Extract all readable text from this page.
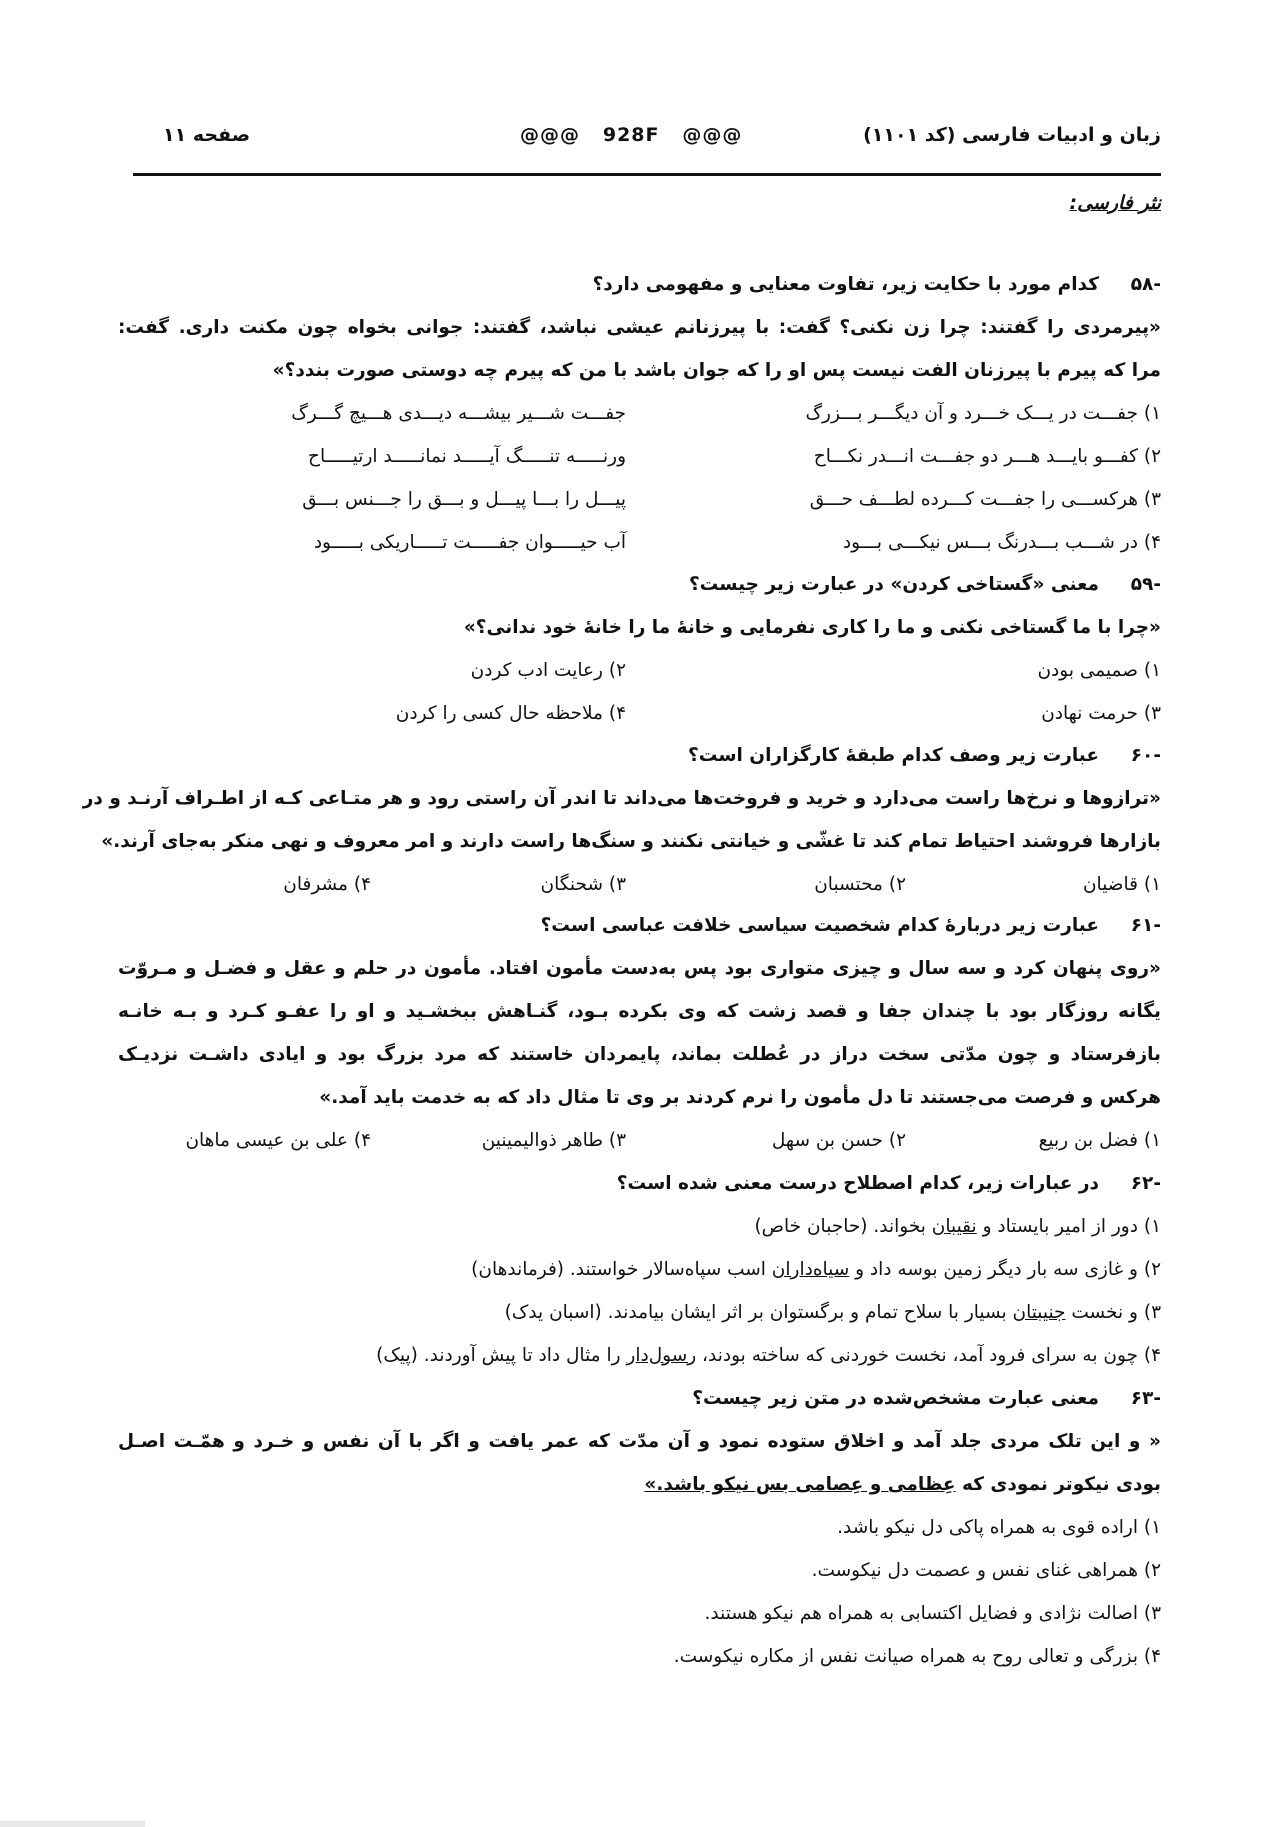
زبان و ادبیات فارسی (کد ۱۱۰۱)
@@@   928F   @@@
صفحه ۱۱
نثر فارسی:
-۵۸
کدام مورد با حکایت زیر، تفاوت معنایی و مفهومی دارد؟
«پیرمردی را گفتند: چرا زن نکنی؟ گفت: با پیرزنانم عیشی نباشد، گفتند: جوانی بخواه چون مکنت داری. گفت:
مرا که پیرم با پیرزنان الفت نیست پس او را که جوان باشد با من که پیرم چه دوستی صورت بندد؟»
۱) جفـــت در یـــک خـــرد و آن دیگـــر بـــزرگ
جفـــت شـــیر بیشـــه دیـــدی هـــیچ گـــرگ
۲) کفـــو بایـــد هـــر دو جفـــت انـــدر نکـــاح
ورنـــــه تنـــــگ آیـــــد نمانـــــد ارتیـــــاح
۳) هرکســـی را جفـــت کـــرده لطـــف حـــق
پیـــل را بـــا پیـــل و بـــق را جـــنس بـــق
۴) در شـــب بـــدرنگ بـــس نیکـــی بـــود
آب حیـــــوان جفـــــت تـــــاریکی بـــــود
-۵۹
معنی «گستاخی کردن» در عبارت زیر چیست؟
«چرا با ما گستاخی نکنی و ما را کاری نفرمایی و خانهٔ ما را خانهٔ خود ندانی؟»
۱) صمیمی بودن
۲) رعایت ادب کردن
۳) حرمت نهادن
۴) ملاحظه حال کسی را کردن
-۶۰
عبارت زیر وصف کدام طبقهٔ کارگزاران است؟
«ترازوها و نرخ‌ها راست می‌دارد و خرید و فروخت‌ها می‌داند تا اندر آن راستی رود و هر متـاعی کـه از اطـراف آرنـد و در
بازارها فروشند احتیاط تمام کند تا غشّی و خیانتی نکنند و سنگ‌ها راست دارند و امر معروف و نهی منکر به‌جای آرند.»
۱) قاضیان
۲) محتسبان
۳) شحنگان
۴) مشرفان
-۶۱
عبارت زیر دربارهٔ کدام شخصیت سیاسی خلافت عباسی است؟
«روی پنهان کرد و سه سال و چیزی متواری بود پس به‌دست مأمون افتاد. مأمون در حلم و عقل و فضـل و مـروّت
یگانه روزگار بود با چندان جفا و قصد زشت که وی بکرده بـود، گنـاهش ببخشـید و او را عفـو کـرد و بـه خانـه
بازفرستاد و چون مدّتی سخت دراز در عُطلت بماند، پایمردان خاستند که مرد بزرگ بود و ایادی داشـت نزدیـک
هرکس و فرصت می‌جستند تا دل مأمون را نرم کردند بر وی تا مثال داد که به خدمت باید آمد.»
۱) فضل بن ربیع
۲) حسن بن سهل
۳) طاهر ذوالیمینین
۴) علی بن عیسی ماهان
-۶۲
در عبارات زیر، کدام اصطلاح درست معنی شده است؟
۱) دور از امیر بایستاد و نقیبان بخواند. (حاجبان خاص)
۲) و غازی سه بار دیگر زمین بوسه داد و سیاه‌داران اسب سپاه‌سالار خواستند. (فرماندهان)
۳) و نخست جنیبتان بسیار با سلاح تمام و برگستوان بر اثر ایشان بیامدند. (اسبان یدک)
۴) چون به سرای فرود آمد، نخست خوردنی که ساخته بودند، رسول‌دار را مثال داد تا پیش آوردند. (پیک)
-۶۳
معنی عبارت مشخص‌شده در متن زیر چیست؟
« و این تلک مردی جلد آمد و اخلاق ستوده نمود و آن مدّت که عمر یافت و اگر با آن نفس و خـرد و همّـت اصـل
بودی نیکوتر نمودی که عِظامی و عِصامی بس نیکو باشد.»
۱) اراده قوی به همراه پاکی دل نیکو باشد.
۲) همراهی غنای نفس و عصمت دل نیکوست.
۳) اصالت نژادی و فضایل اکتسابی به همراه هم نیکو هستند.
۴) بزرگی و تعالی روح به همراه صیانت نفس از مکاره نیکوست.
